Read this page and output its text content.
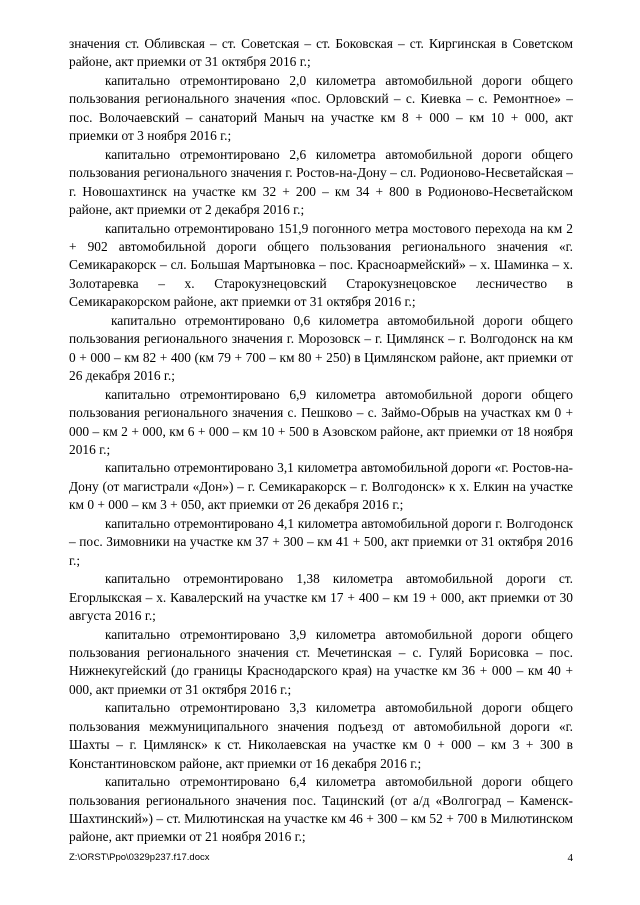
значения ст. Обливская – ст. Советская – ст. Боковская – ст. Киргинская в Советском районе, акт приемки от 31 октября 2016 г.;

капитально отремонтировано 2,0 километра автомобильной дороги общего пользования регионального значения «пос. Орловский – с. Киевка – с. Ремонтное» – пос. Волочаевский – санаторий Маныч на участке км 8 + 000 – км 10 + 000, акт приемки от 3 ноября 2016 г.;

капитально отремонтировано 2,6 километра автомобильной дороги общего пользования регионального значения г. Ростов-на-Дону – сл. Родионово-Несветайская – г. Новошахтинск на участке км 32 + 200 – км 34 + 800 в Родионово-Несветайском районе, акт приемки от 2 декабря 2016 г.;

капитально отремонтировано 151,9 погонного метра мостового перехода на км 2 + 902 автомобильной дороги общего пользования регионального значения «г. Семикаракорск – сл. Большая Мартыновка – пос. Красноармейский» – х. Шаминка – х. Золотаревка – х. Старокузнецовский Старокузнецовское лесничество в Семикаракорском районе, акт приемки от 31 октября 2016 г.;

капитально отремонтировано 0,6 километра автомобильной дороги общего пользования регионального значения г. Морозовск – г. Цимлянск – г. Волгодонск на км 0 + 000 – км 82 + 400 (км 79 + 700 – км 80 + 250) в Цимлянском районе, акт приемки от 26 декабря 2016 г.;

капитально отремонтировано 6,9 километра автомобильной дороги общего пользования регионального значения с. Пешково – с. Займо-Обрыв на участках км 0 + 000 – км 2 + 000, км 6 + 000 – км 10 + 500 в Азовском районе, акт приемки от 18 ноября 2016 г.;

капитально отремонтировано 3,1 километра автомобильной дороги «г. Ростов-на-Дону (от магистрали «Дон») – г. Семикаракорск – г. Волгодонск» к х. Елкин на участке км 0 + 000 – км 3 + 050, акт приемки от 26 декабря 2016 г.;

капитально отремонтировано 4,1 километра автомобильной дороги г. Волгодонск – пос. Зимовники на участке км 37 + 300 – км 41 + 500, акт приемки от 31 октября 2016 г.;

капитально отремонтировано 1,38 километра автомобильной дороги ст. Егорлыкская – х. Кавалерский на участке км 17 + 400 – км 19 + 000, акт приемки от 30 августа 2016 г.;

капитально отремонтировано 3,9 километра автомобильной дороги общего пользования регионального значения ст. Мечетинская – с. Гуляй Борисовка – пос. Нижнекугейский (до границы Краснодарского края) на участке км 36 + 000 – км 40 + 000, акт приемки от 31 октября 2016 г.;

капитально отремонтировано 3,3 километра автомобильной дороги общего пользования межмуниципального значения подъезд от автомобильной дороги «г. Шахты – г. Цимлянск» к ст. Николаевская на участке км 0 + 000 – км 3 + 300 в Константиновском районе, акт приемки от 16 декабря 2016 г.;

капитально отремонтировано 6,4 километра автомобильной дороги общего пользования регионального значения пос. Тацинский (от а/д «Волгоград – Каменск-Шахтинский») – ст. Милютинская на участке км 46 + 300 – км 52 + 700 в Милютинском районе, акт приемки от 21 ноября 2016 г.;

Z:\ORST\Ppo\0329p237.f17.docx	4
